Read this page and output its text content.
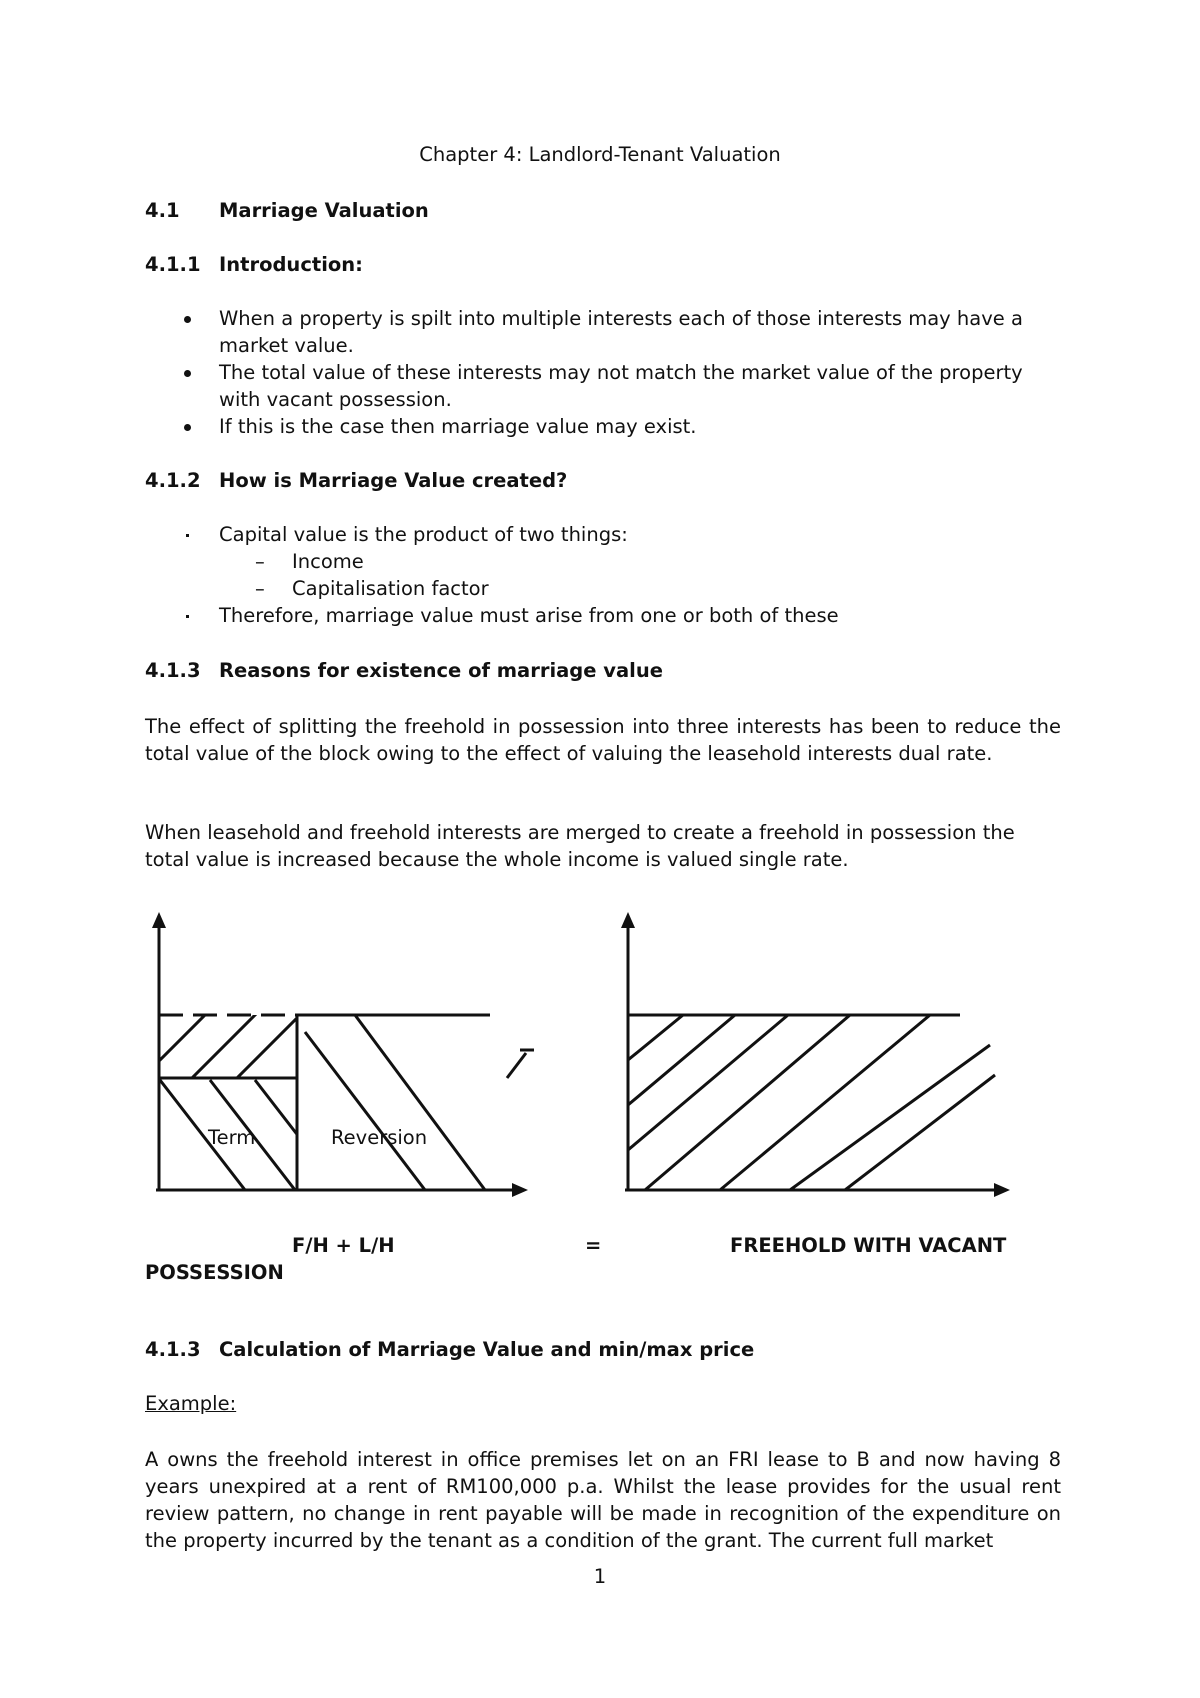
Chapter 4: Landlord-Tenant Valuation
4.1 Marriage Valuation
4.1.1 Introduction:
When a property is spilt into multiple interests each of those interests may have a
market value.
The total value of these interests may not match the market value of the property
with vacant possession.
If this is the case then marriage value may exist.
4.1.2 How is Marriage Value created?
Capital value is the product of two things:
– Income
– Capitalisation factor
Therefore, marriage value must arise from one or both of these
4.1.3 Reasons for existence of marriage value
The effect of splitting the freehold in possession into three interests has been to reduce the total value of the block owing to the effect of valuing the leasehold interests dual rate.
When leasehold and freehold interests are merged to create a freehold in possession the
total value is increased because the whole income is valued single rate.
Term	Reversion
F/H + L/H	=	FREEHOLD WITH VACANT
POSSESSION
4.1.3 Calculation of Marriage Value and min/max price
Example:
A owns the freehold interest in office premises let on an FRI lease to B and now having 8 years unexpired at a rent of RM100,000 p.a. Whilst the lease provides for the usual rent review pattern, no change in rent payable will be made in recognition of the expenditure on the property incurred by the tenant as a condition of the grant. The current full market
1
